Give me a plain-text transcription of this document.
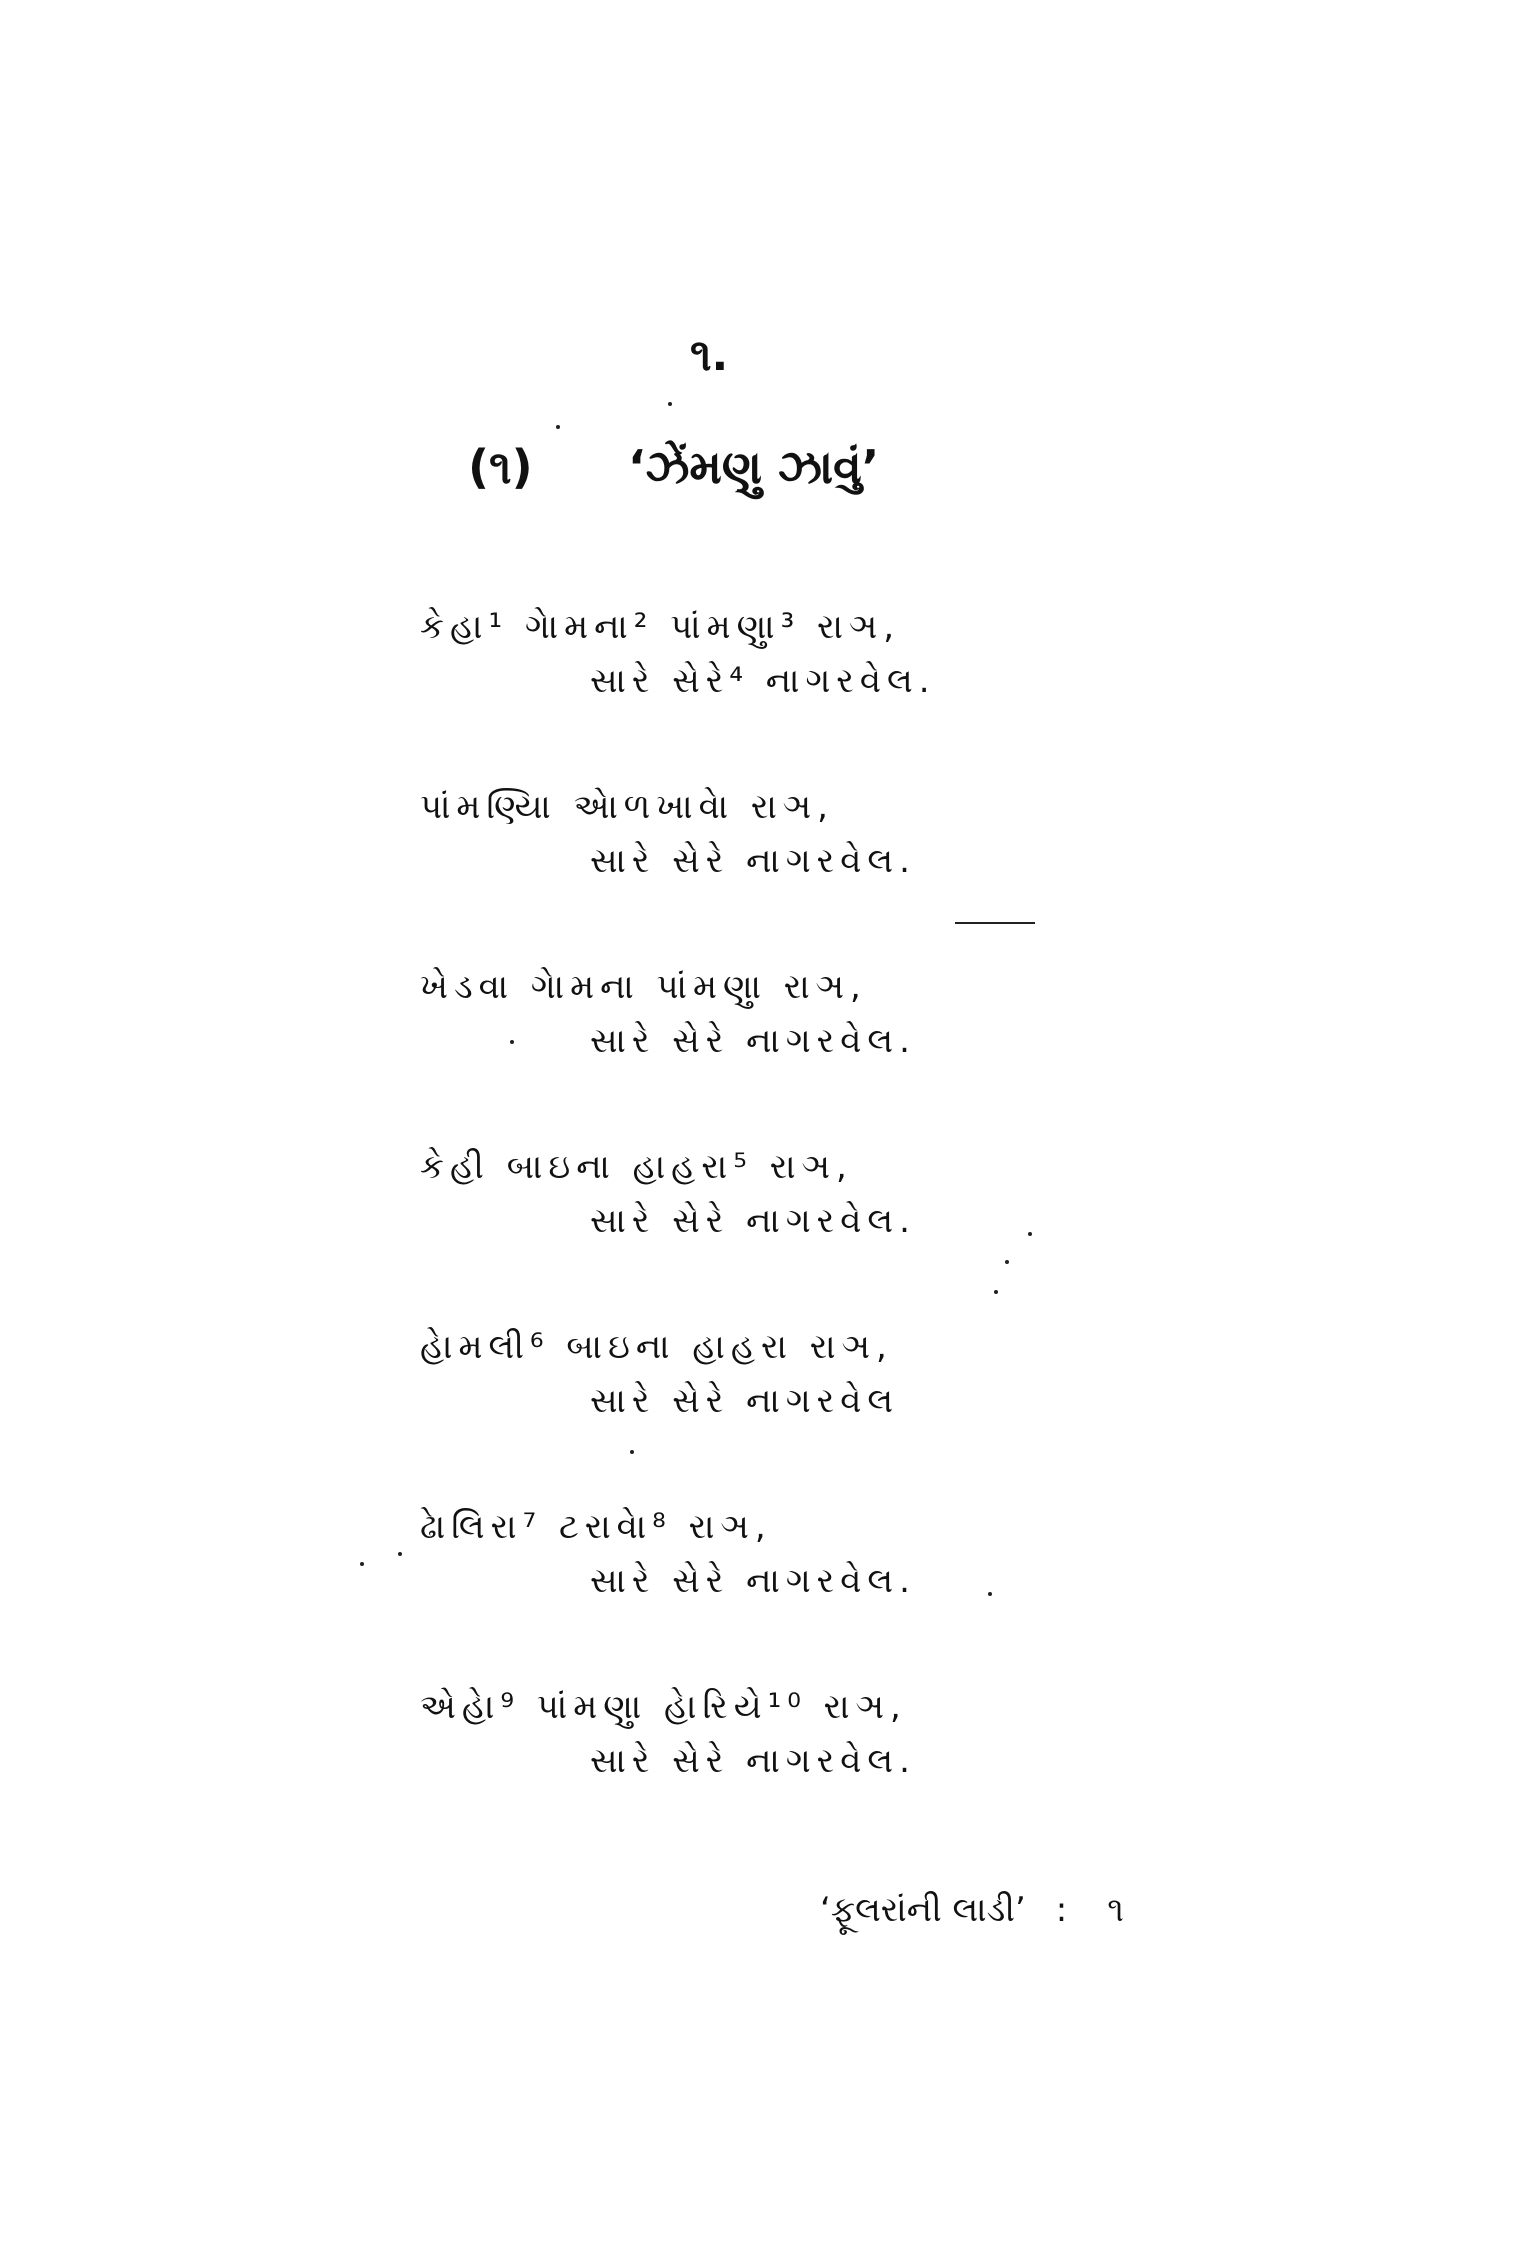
૧.
(૧) ‘ઝેંમણુ ઝાવું’
કેહા¹ ગેામના² પાંમણુા³ રાઞ,
સારે સેરે⁴ નાગરવેલ.
પાંમણ્યિા એાળખાવેા રાઞ,
સારે સેરે નાગરવેલ.
ખેડવા ગેામના પાંમણુા રાઞ,
સારે સેરે નાગરવેલ.
કેહી બાઇના હાહરા⁵ રાઞ,
સારે સેરે નાગરવેલ.
હેામલી⁶ બાઇના હાહરા રાઞ,
સારે સેરે નાગરવેલ
ઢેાલિરા⁷ ટરાવેા⁸ રાઞ,
સારે સેરે નાગરવેલ.
એહેા⁹ પાંમણુા હેારિયે¹⁰ રાઞ,
સારે સેરે નાગરવેલ.
‘ફૂલરાંની લાડી’ : ૧
